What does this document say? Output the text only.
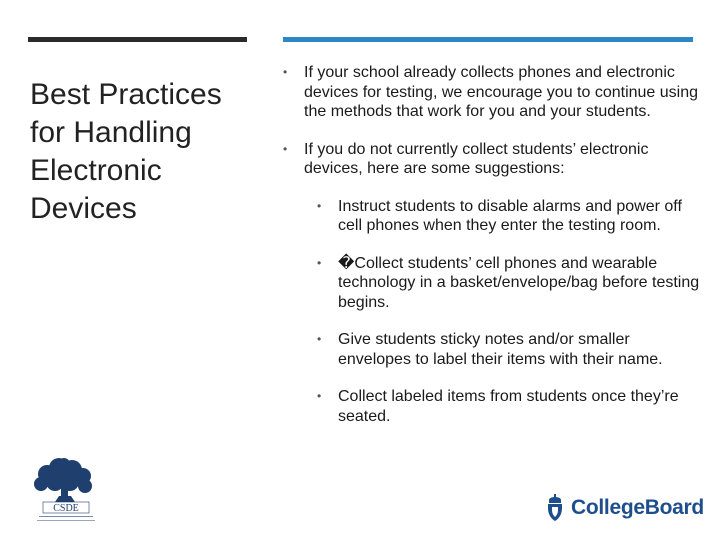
Best Practices
for Handling
Electronic
Devices
• If your school already collects phones and electronic devices for testing, we encourage you to continue using the methods that work for you and your students.
• If you do not currently collect students’ electronic devices, here are some suggestions:
• Instruct students to disable alarms and power off cell phones when they enter the testing room.
• �Collect students’ cell phones and wearable technology in a basket/envelope/bag before testing begins.
• Give students sticky notes and/or smaller envelopes to label their items with their name.
• Collect labeled items from students once they’re seated.
CSDE	CollegeBoard
